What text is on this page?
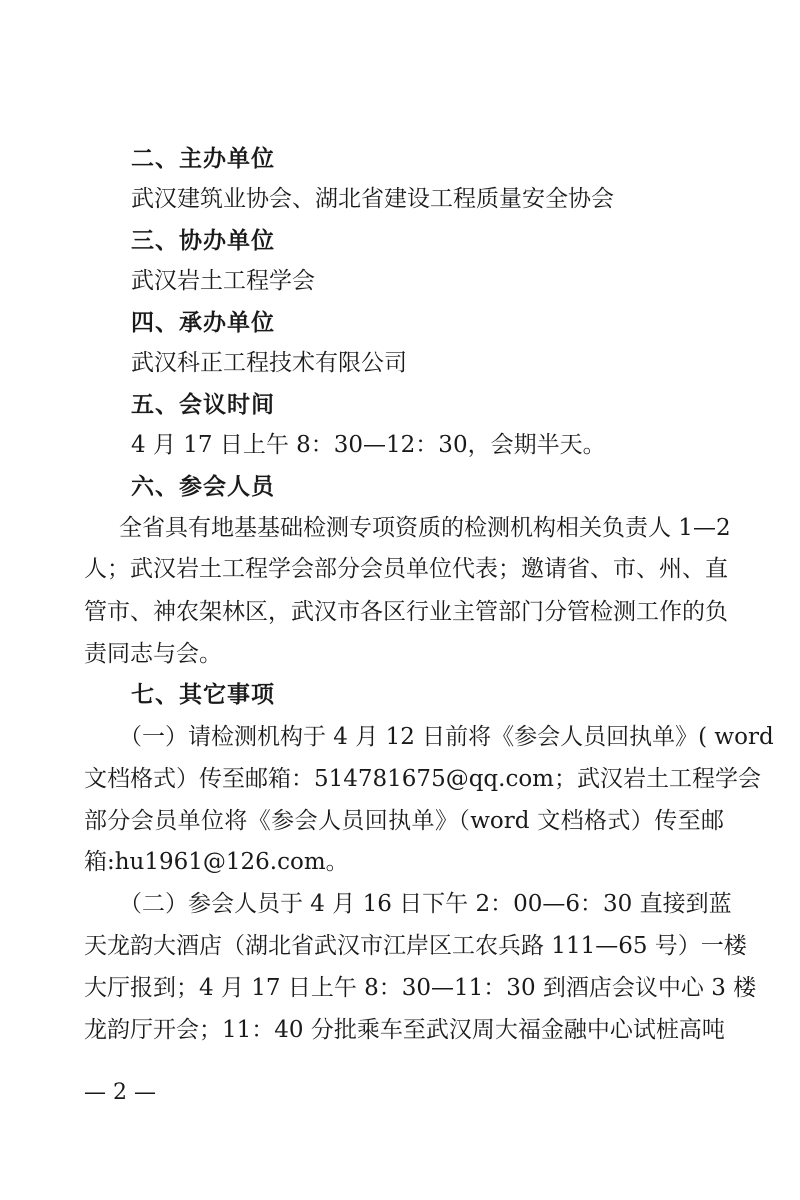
二、主办单位
武汉建筑业协会、湖北省建设工程质量安全协会
三、协办单位
武汉岩土工程学会
四、承办单位
武汉科正工程技术有限公司
五、会议时间
4 月 17 日上午 8：30—12：30，会期半天。
六、参会人员
全省具有地基基础检测专项资质的检测机构相关负责人 1—2
人；武汉岩土工程学会部分会员单位代表；邀请省、市、州、直
管市、神农架林区，武汉市各区行业主管部门分管检测工作的负
责同志与会。
七、其它事项
（一）请检测机构于 4 月 12 日前将《参会人员回执单》( word
文档格式）传至邮箱：514781675@qq.com；武汉岩土工程学会
部分会员单位将《参会人员回执单》（word 文档格式）传至邮
箱:hu1961@126.com。
（二）参会人员于 4 月 16 日下午 2：00—6：30 直接到蓝
天龙韵大酒店（湖北省武汉市江岸区工农兵路 111—65 号）一楼
大厅报到；4 月 17 日上午 8：30—11：30 到酒店会议中心 3 楼
龙韵厅开会；11：40 分批乘车至武汉周大福金融中心试桩高吨
— 2 —
